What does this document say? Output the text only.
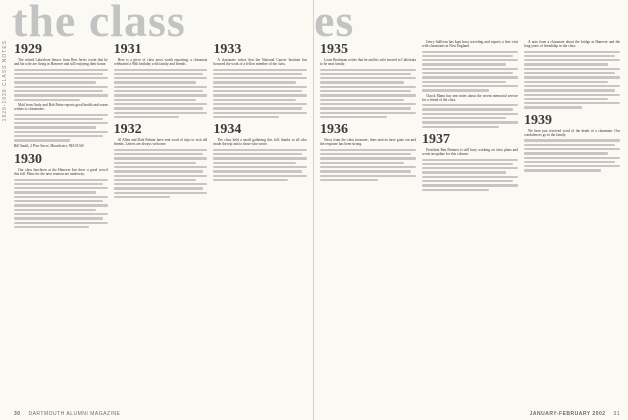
1929-1938 CLASS NOTES
the class
1929

The retired Lakeshore lettuce from Bert Jervis wrote that he and his wife are living in Hanover and still enjoying their home.

Mail from Andy and Bob Paine reports good health and warm wishes to classmates.

Bill Smith, 2 Pine Street, Manchester, NH 03104

1930

Our class luncheon at the Hanover Inn drew a good crowd this fall. Plans for the next reunion are underway.

1931

Here is a piece of class news worth reporting; a classmate celebrated a 95th birthday with family and friends.

1932

Al Allen and Dale Palmer have sent word of trips to visit old friends. Letters are always welcome.

1933

A classmate writes that the National Cancer Institute has honored the work of a fellow member of the class.

1934

The class held a small gathering this fall; thanks to all who made the trip and to those who wrote.

30 DARTMOUTH ALUMNI MAGAZINE
es
1935

Louis Bookman writes that he and his wife moved to California to be near family.

1936

News from the class treasurer; dues notices have gone out and the response has been strong.

Gerry Sullivan has kept busy traveling and reports a fine visit with classmates in New England.

Chuck Mann has sent notes about the recent memorial service for a friend of the class.

1937

President Ben Brenner is still busy working on class plans and wrote an update for this column.

A note from a classmate about the bridge at Hanover and the long years of friendship in the class.

1939

We have just received word of the death of a classmate. Our condolences go to the family.

JANUARY-FEBRUARY 2002 31
